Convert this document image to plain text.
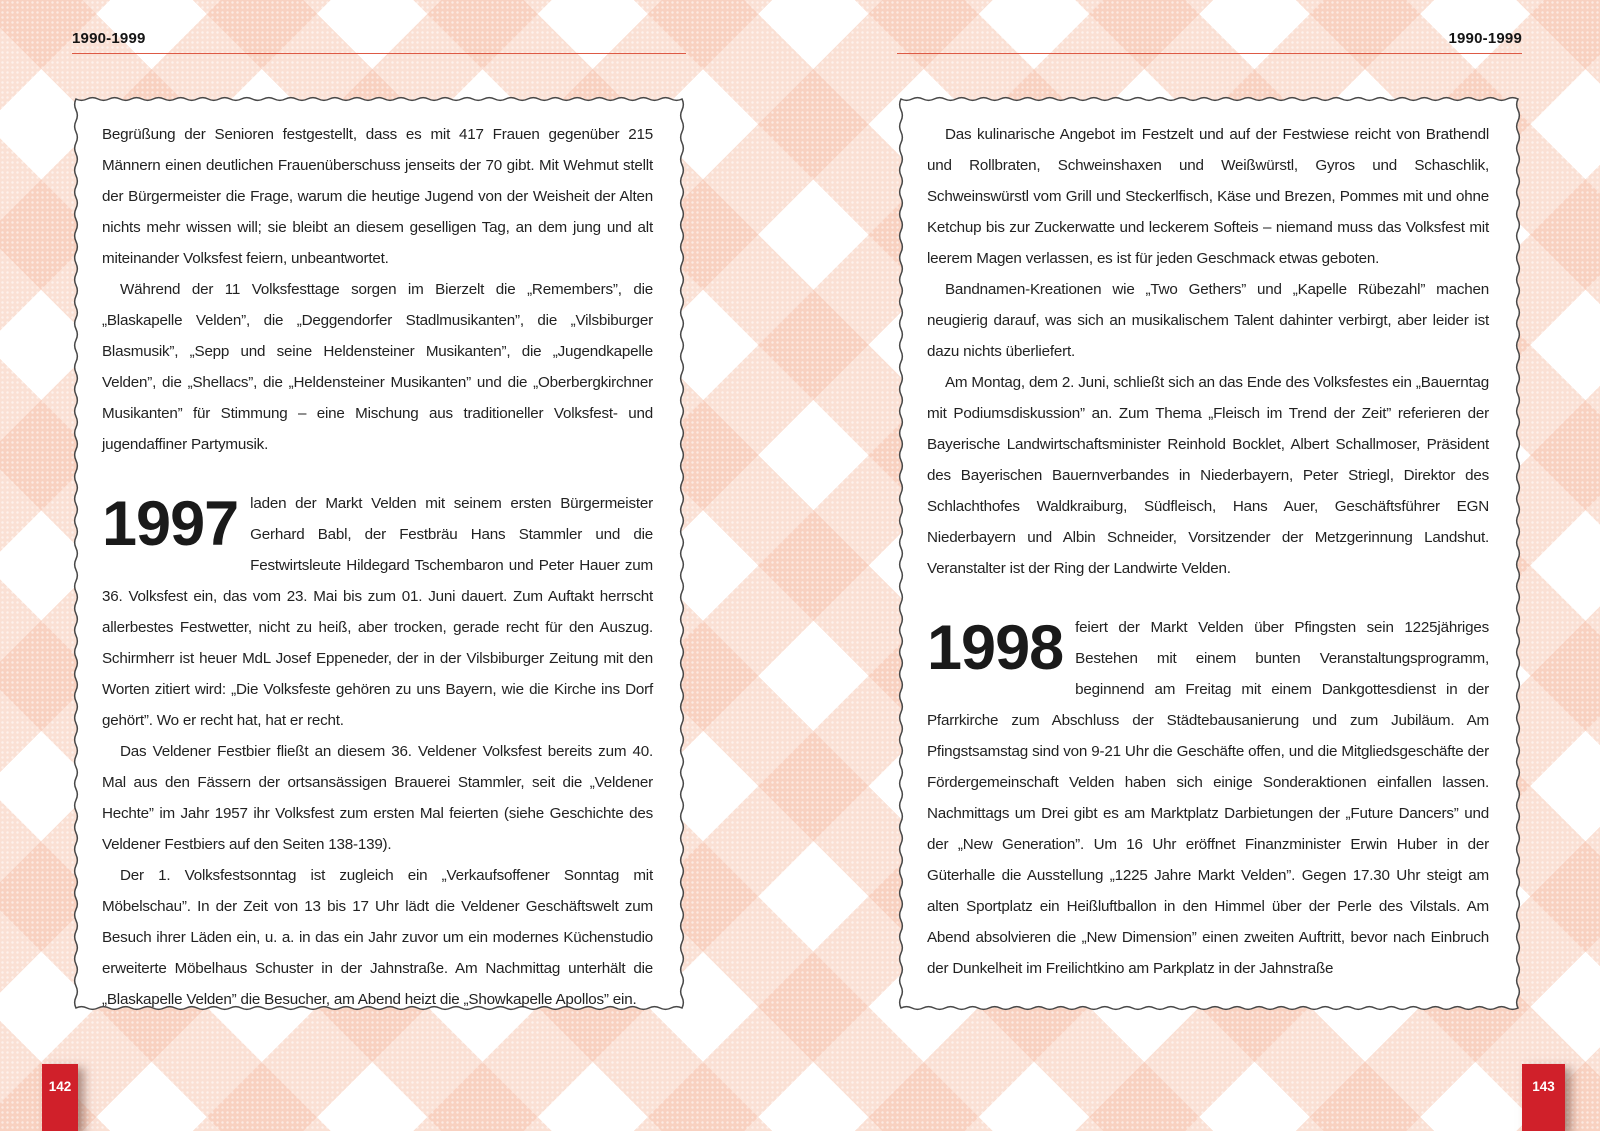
1990-1999	1990-1999

Begrüßung der Senioren festgestellt, dass es mit 417 Frauen gegenüber 215 Männern einen deutlichen Frauenüberschuss jenseits der 70 gibt. Mit Wehmut stellt der Bürgermeister die Frage, warum die heutige Jugend von der Weisheit der Alten nichts mehr wissen will; sie bleibt an diesem geselligen Tag, an dem jung und alt miteinander Volksfest feiern, unbeantwortet.

Während der 11 Volksfesttage sorgen im Bierzelt die „Remembers”, die „Blaskapelle Velden”, die „Deggendorfer Stadlmusikanten”, die „Vilsbiburger Blasmusik”, „Sepp und seine Heldensteiner Musikanten”, die „Jugendkapelle Velden”, die „Shellacs”, die „Heldensteiner Musikanten” und die „Oberbergkirchner Musikanten” für Stimmung – eine Mischung aus traditioneller Volksfest- und jugendaffiner Partymusik.

1997 laden der Markt Velden mit seinem ersten Bürgermeister Gerhard Babl, der Festbräu Hans Stammler und die Festwirtsleute Hildegard Tschembaron und Peter Hauer zum 36. Volksfest ein, das vom 23. Mai bis zum 01. Juni dauert. Zum Auftakt herrscht allerbestes Festwetter, nicht zu heiß, aber trocken, gerade recht für den Auszug. Schirmherr ist heuer MdL Josef Eppeneder, der in der Vilsbiburger Zeitung mit den Worten zitiert wird: „Die Volksfeste gehören zu uns Bayern, wie die Kirche ins Dorf gehört”. Wo er recht hat, hat er recht.

Das Veldener Festbier fließt an diesem 36. Veldener Volksfest bereits zum 40. Mal aus den Fässern der ortsansässigen Brauerei Stammler, seit die „Veldener Hechte” im Jahr 1957 ihr Volksfest zum ersten Mal feierten (siehe Geschichte des Veldener Festbiers auf den Seiten 138-139).

Der 1. Volksfestsonntag ist zugleich ein „Verkaufsoffener Sonntag mit Möbelschau”. In der Zeit von 13 bis 17 Uhr lädt die Veldener Geschäftswelt zum Besuch ihrer Läden ein, u. a. in das ein Jahr zuvor um ein modernes Küchenstudio erweiterte Möbelhaus Schuster in der Jahnstraße. Am Nachmittag unterhält die „Blaskapelle Velden” die Besucher, am Abend heizt die „Showkapelle Apollos” ein.

Das kulinarische Angebot im Festzelt und auf der Festwiese reicht von Brathendl und Rollbraten, Schweinshaxen und Weißwürstl, Gyros und Schaschlik, Schweinswürstl vom Grill und Steckerlfisch, Käse und Brezen, Pommes mit und ohne Ketchup bis zur Zuckerwatte und leckerem Softeis – niemand muss das Volksfest mit leerem Magen verlassen, es ist für jeden Geschmack etwas geboten.

Bandnamen-Kreationen wie „Two Gethers” und „Kapelle Rübezahl” machen neugierig darauf, was sich an musikalischem Talent dahinter verbirgt, aber leider ist dazu nichts überliefert.

Am Montag, dem 2. Juni, schließt sich an das Ende des Volksfestes ein „Bauerntag mit Podiumsdiskussion” an. Zum Thema „Fleisch im Trend der Zeit” referieren der Bayerische Landwirtschaftsminister Reinhold Bocklet, Albert Schallmoser, Präsident des Bayerischen Bauernverbandes in Niederbayern, Peter Striegl, Direktor des Schlachthofes Waldkraiburg, Südfleisch, Hans Auer, Geschäftsführer EGN Niederbayern und Albin Schneider, Vorsitzender der Metzgerinnung Landshut. Veranstalter ist der Ring der Landwirte Velden.

1998 feiert der Markt Velden über Pfingsten sein 1225jähriges Bestehen mit einem bunten Veranstaltungsprogramm, beginnend am Freitag mit einem Dankgottesdienst in der Pfarrkirche zum Abschluss der Städtebausanierung und zum Jubiläum. Am Pfingstsamstag sind von 9-21 Uhr die Geschäfte offen, und die Mitgliedsgeschäfte der Fördergemeinschaft Velden haben sich einige Sonderaktionen einfallen lassen. Nachmittags um Drei gibt es am Marktplatz Darbietungen der „Future Dancers” und der „New Generation”. Um 16 Uhr eröffnet Finanzminister Erwin Huber in der Güterhalle die Ausstellung „1225 Jahre Markt Velden”. Gegen 17.30 Uhr steigt am alten Sportplatz ein Heißluftballon in den Himmel über der Perle des Vilstals. Am Abend absolvieren die „New Dimension” einen zweiten Auftritt, bevor nach Einbruch der Dunkelheit im Freilichtkino am Parkplatz in der Jahnstraße

142	143
